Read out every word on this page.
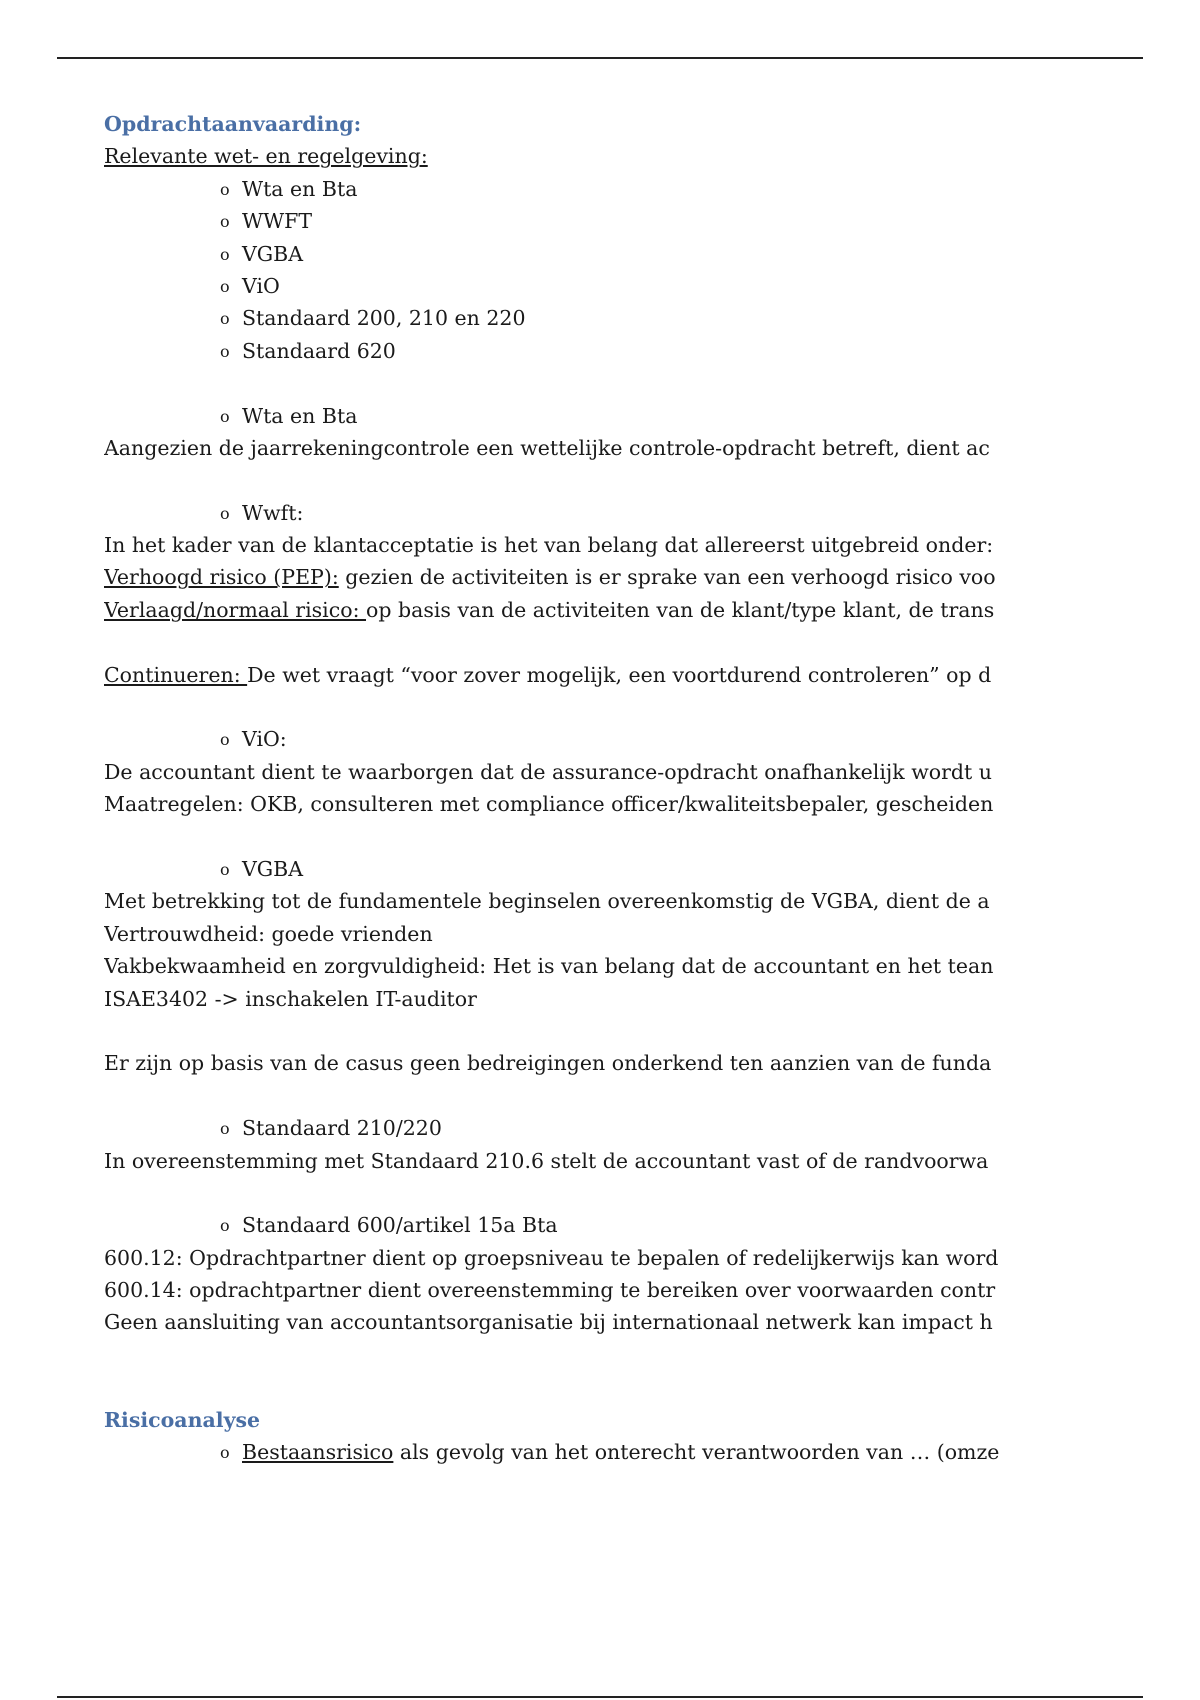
Opdrachtaanvaarding:
Relevante wet- en regelgeving:
o Wta en Bta
o WWFT
o VGBA
o ViO
o Standaard 200, 210 en 220
o Standaard 620
o Wta en Bta
Aangezien de jaarrekeningcontrole een wettelijke controle-opdracht betreft, dient ac
o Wwft:
In het kader van de klantacceptatie is het van belang dat allereerst uitgebreid onder:
Verhoogd risico (PEP): gezien de activiteiten is er sprake van een verhoogd risico voo
Verlaagd/normaal risico: op basis van de activiteiten van de klant/type klant, de trans
Continueren: De wet vraagt “voor zover mogelijk, een voortdurend controleren” op d
o ViO:
De accountant dient te waarborgen dat de assurance-opdracht onafhankelijk wordt u
Maatregelen: OKB, consulteren met compliance officer/kwaliteitsbepaler, gescheiden
o VGBA
Met betrekking tot de fundamentele beginselen overeenkomstig de VGBA, dient de a
Vertrouwdheid: goede vrienden
Vakbekwaamheid en zorgvuldigheid: Het is van belang dat de accountant en het tean
ISAE3402 -> inschakelen IT-auditor
Er zijn op basis van de casus geen bedreigingen onderkend ten aanzien van de funda
o Standaard 210/220
In overeenstemming met Standaard 210.6 stelt de accountant vast of de randvoorwa
o Standaard 600/artikel 15a Bta
600.12: Opdrachtpartner dient op groepsniveau te bepalen of redelijkerwijs kan word
600.14: opdrachtpartner dient overeenstemming te bereiken over voorwaarden contr
Geen aansluiting van accountantsorganisatie bij internationaal netwerk kan impact h
Risicoanalyse
o Bestaansrisico als gevolg van het onterecht verantwoorden van … (omze
